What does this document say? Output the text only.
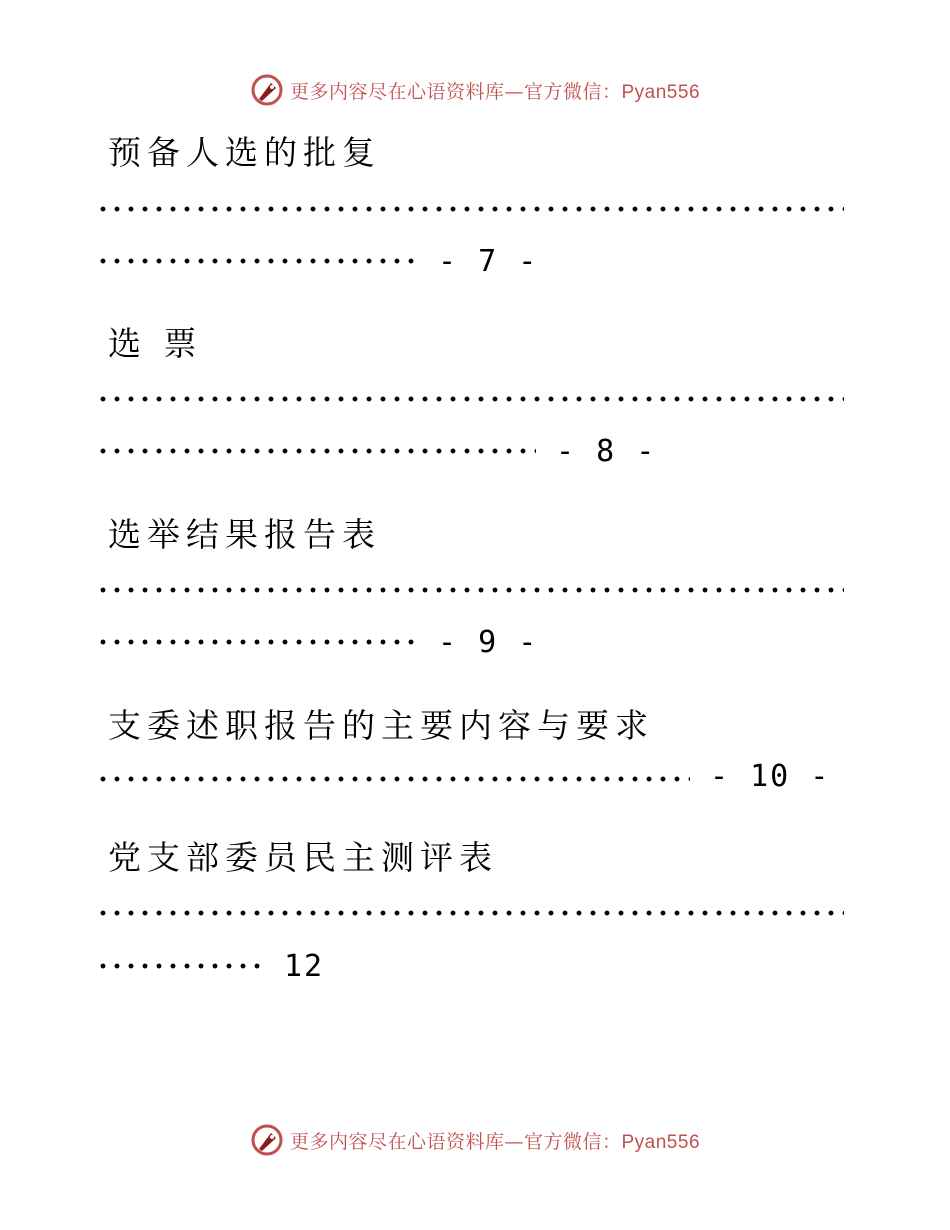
更多内容尽在心语资料库—官方微信：Pyan556
预备人选的批复
- 7 -
选 票
- 8 -
选举结果报告表
- 9 -
支委述职报告的主要内容与要求
- 10 -
党支部委员民主测评表
12
更多内容尽在心语资料库—官方微信：Pyan556
